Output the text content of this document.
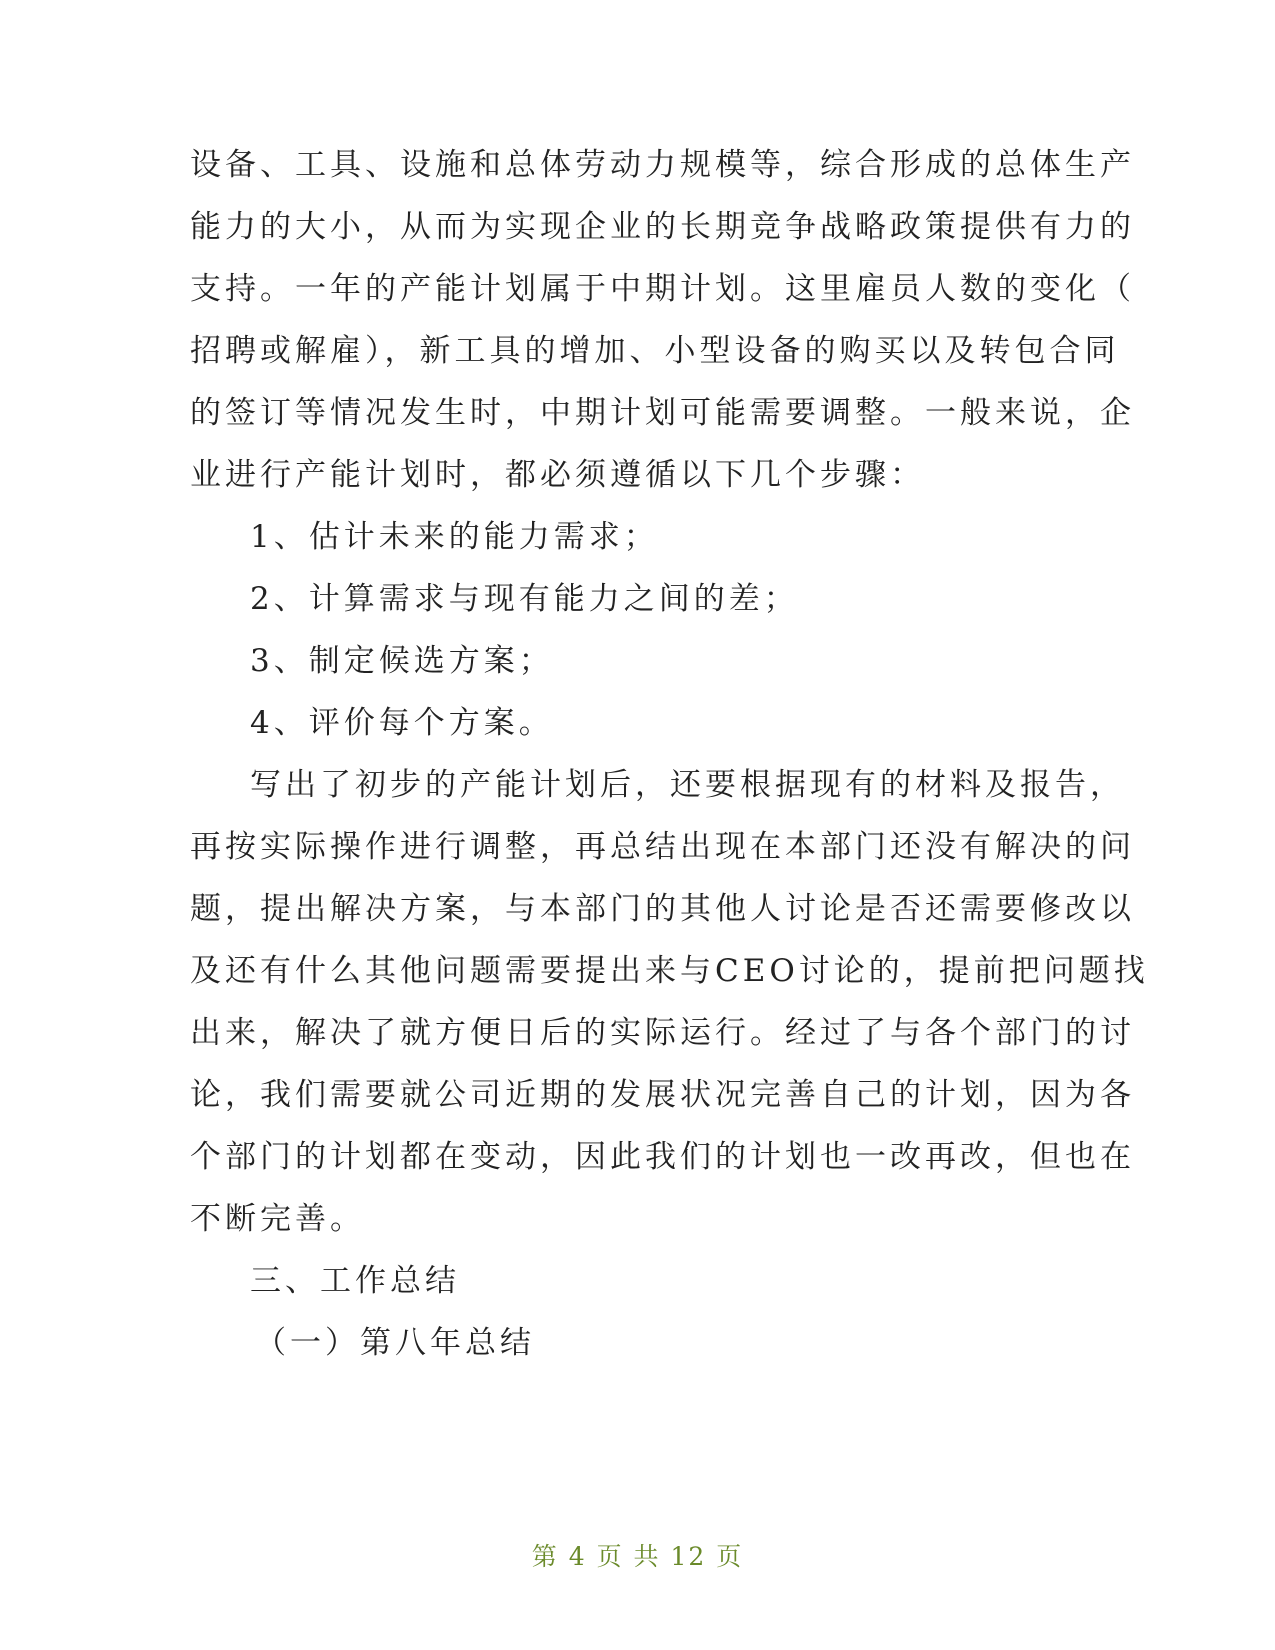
设备、工具、设施和总体劳动力规模等，综合形成的总体生产
能力的大小，从而为实现企业的长期竞争战略政策提供有力的
支持。一年的产能计划属于中期计划。这里雇员人数的变化（
招聘或解雇），新工具的增加、小型设备的购买以及转包合同
的签订等情况发生时，中期计划可能需要调整。一般来说，企
业进行产能计划时，都必须遵循以下几个步骤：
1、估计未来的能力需求；
2、计算需求与现有能力之间的差；
3、制定候选方案；
4、评价每个方案。
写出了初步的产能计划后，还要根据现有的材料及报告，
再按实际操作进行调整，再总结出现在本部门还没有解决的问
题，提出解决方案，与本部门的其他人讨论是否还需要修改以
及还有什么其他问题需要提出来与CEO讨论的，提前把问题找
出来，解决了就方便日后的实际运行。经过了与各个部门的讨
论，我们需要就公司近期的发展状况完善自己的计划，因为各
个部门的计划都在变动，因此我们的计划也一改再改，但也在
不断完善。
三、工作总结
（一）第八年总结
第 4 页 共 12 页
